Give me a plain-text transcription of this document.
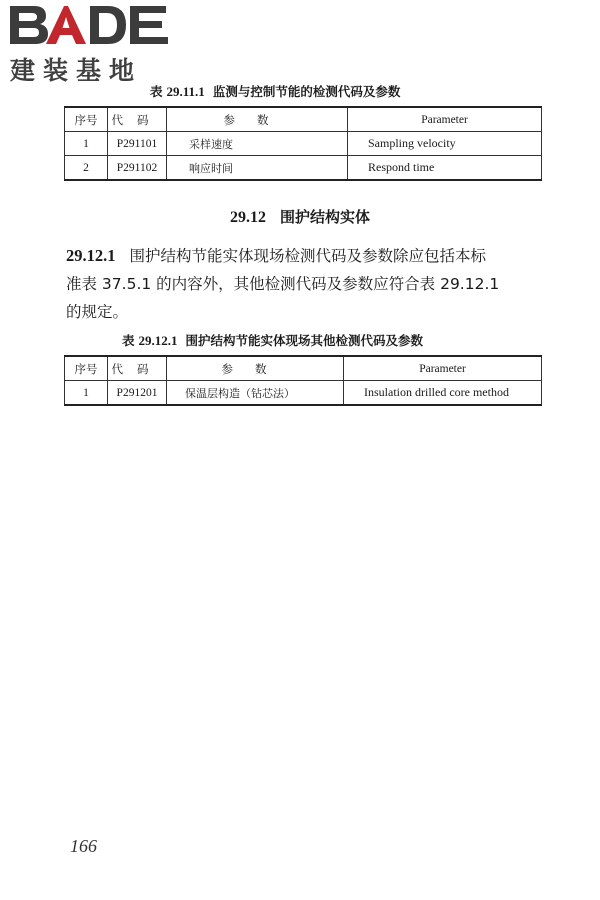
建装基地
表 29.11.1 监测与控制节能的检测代码及参数
序号	代码	参数	Parameter
1	P291101	采样速度	Sampling velocity
2	P291102	响应时间	Respond time
29.12 围护结构实体
29.12.1 围护结构节能实体现场检测代码及参数除应包括本标
准表 37.5.1 的内容外，其他检测代码及参数应符合表 29.12.1
的规定。
表 29.12.1 围护结构节能实体现场其他检测代码及参数
序号	代码	参数	Parameter
1	P291201	保温层构造（钻芯法）	Insulation drilled core method
166
